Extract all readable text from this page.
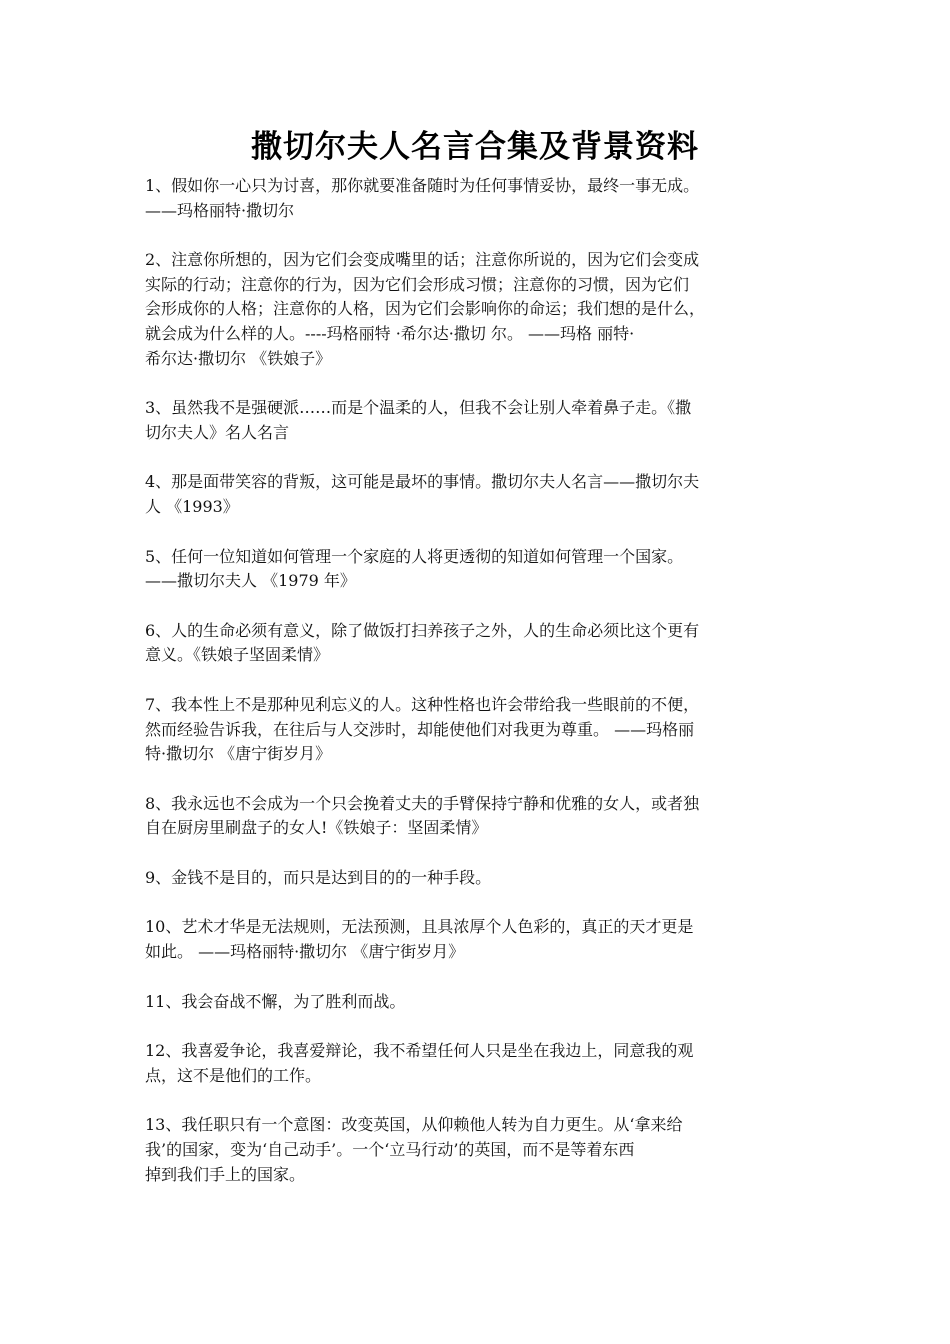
撒切尔夫人名言合集及背景资料

1、假如你一心只为讨喜，那你就要准备随时为任何事情妥协，最终一事无成。
——玛格丽特·撒切尔

2、注意你所想的，因为它们会变成嘴里的话；注意你所说的，因为它们会变成
实际的行动；注意你的行为，因为它们会形成习惯；注意你的习惯，因为它们
会形成你的人格；注意你的人格，因为它们会影响你的命运；我们想的是什么，
就会成为什么样的人。----玛格丽特 ·希尔达·撒切 尔。 ——玛格 丽特·
希尔达·撒切尔 《铁娘子》

3、虽然我不是强硬派……而是个温柔的人，但我不会让别人牵着鼻子走。《撒
切尔夫人》名人名言

4、那是面带笑容的背叛，这可能是最坏的事情。撒切尔夫人名言——撒切尔夫
人 《1993》

5、任何一位知道如何管理一个家庭的人将更透彻的知道如何管理一个国家。
——撒切尔夫人 《1979 年》

6、人的生命必须有意义，除了做饭打扫养孩子之外，人的生命必须比这个更有
意义。《铁娘子坚固柔情》

7、我本性上不是那种见利忘义的人。这种性格也许会带给我一些眼前的不便，
然而经验告诉我，在往后与人交涉时，却能使他们对我更为尊重。 ——玛格丽
特·撒切尔 《唐宁街岁月》

8、我永远也不会成为一个只会挽着丈夫的手臂保持宁静和优雅的女人，或者独
自在厨房里刷盘子的女人!《铁娘子：坚固柔情》

9、金钱不是目的，而只是达到目的的一种手段。

10、艺术才华是无法规则，无法预测，且具浓厚个人色彩的，真正的天才更是
如此。 ——玛格丽特·撒切尔 《唐宁街岁月》

11、我会奋战不懈，为了胜利而战。

12、我喜爱争论，我喜爱辩论，我不希望任何人只是坐在我边上，同意我的观
点，这不是他们的工作。

13、我任职只有一个意图：改变英国，从仰赖他人转为自力更生。从‘拿来给
我’的国家，变为‘自己动手’。一个‘立马行动’的英国，而不是等着东西
掉到我们手上的国家。
